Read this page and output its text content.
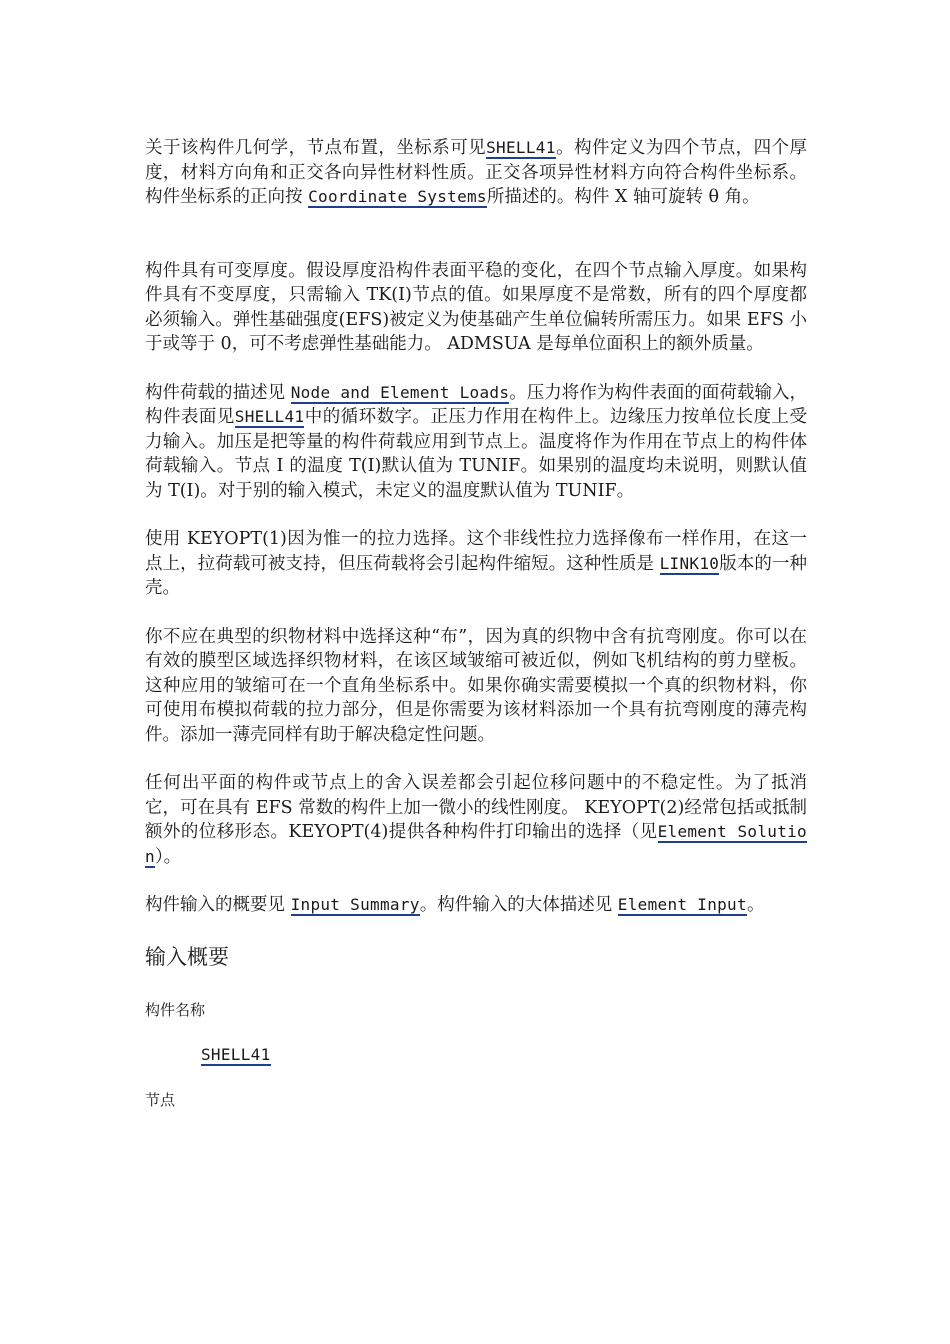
关于该构件几何学，节点布置，坐标系可见SHELL41。构件定义为四个节点，四个厚度，材料方向角和正交各向异性材料性质。正交各项异性材料方向符合构件坐标系。构件坐标系的正向按 Coordinate Systems所描述的。构件 X 轴可旋转 θ 角。

构件具有可变厚度。假设厚度沿构件表面平稳的变化，在四个节点输入厚度。如果构件具有不变厚度，只需输入 TK(I)节点的值。如果厚度不是常数，所有的四个厚度都必须输入。弹性基础强度(EFS)被定义为使基础产生单位偏转所需压力。如果 EFS 小于或等于 0，可不考虑弹性基础能力。 ADMSUA 是每单位面积上的额外质量。

构件荷载的描述见 Node and Element Loads。压力将作为构件表面的面荷载输入，构件表面见SHELL41中的循环数字。正压力作用在构件上。边缘压力按单位长度上受力输入。加压是把等量的构件荷载应用到节点上。温度将作为作用在节点上的构件体荷载输入。节点 I 的温度 T(I)默认值为 TUNIF。如果别的温度均未说明，则默认值为 T(I)。对于别的输入模式，未定义的温度默认值为 TUNIF。

使用 KEYOPT(1)因为惟一的拉力选择。这个非线性拉力选择像布一样作用，在这一点上，拉荷载可被支持，但压荷载将会引起构件缩短。这种性质是 LINK10版本的一种壳。

你不应在典型的织物材料中选择这种“布”，因为真的织物中含有抗弯刚度。你可以在有效的膜型区域选择织物材料，在该区域皱缩可被近似，例如飞机结构的剪力壁板。这种应用的皱缩可在一个直角坐标系中。如果你确实需要模拟一个真的织物材料，你可使用布模拟荷载的拉力部分，但是你需要为该材料添加一个具有抗弯刚度的薄壳构件。添加一薄壳同样有助于解决稳定性问题。

任何出平面的构件或节点上的舍入误差都会引起位移问题中的不稳定性。为了抵消它，可在具有 EFS 常数的构件上加一微小的线性刚度。 KEYOPT(2)经常包括或抵制额外的位移形态。KEYOPT(4)提供各种构件打印输出的选择（见Element Solution）。

构件输入的概要见 Input Summary。构件输入的大体描述见 Element Input。

输入概要
构件名称
SHELL41
节点
